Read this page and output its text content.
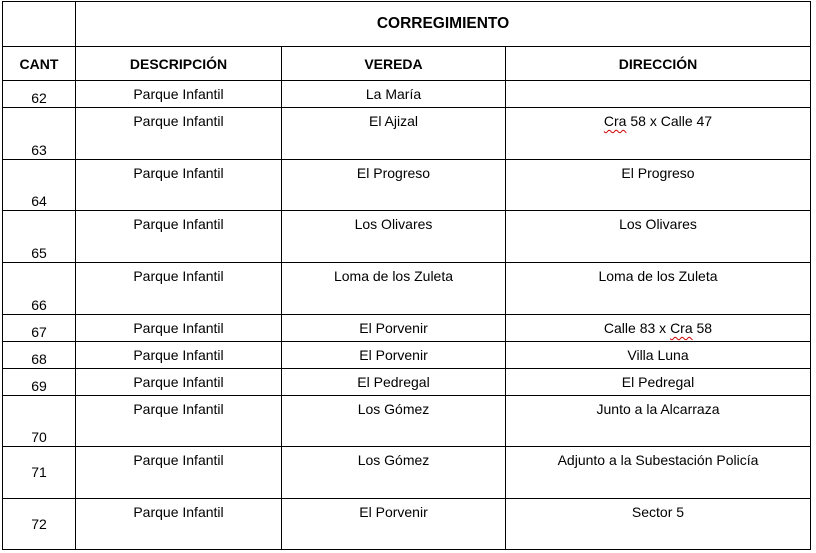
	CORREGIMIENTO		
CANT	DESCRIPCIÓN	VEREDA	DIRECCIÓN

62	Parque Infantil	La María	

63	Parque Infantil	El Ajizal	Cra 58 x Calle 47

64	Parque Infantil	El Progreso	El Progreso

65	Parque Infantil	Los Olivares	Los Olivares

66	Parque Infantil	Loma de los Zuleta	Loma de los Zuleta

67	Parque Infantil	El Porvenir	Calle 83 x Cra 58

68	Parque Infantil	El Porvenir	Villa Luna

69	Parque Infantil	El Pedregal	El Pedregal

70	Parque Infantil	Los Gómez	Junto a la Alcarraza

71	Parque Infantil	Los Gómez	Adjunto a la Subestación Policía

72	Parque Infantil	El Porvenir	Sector 5
